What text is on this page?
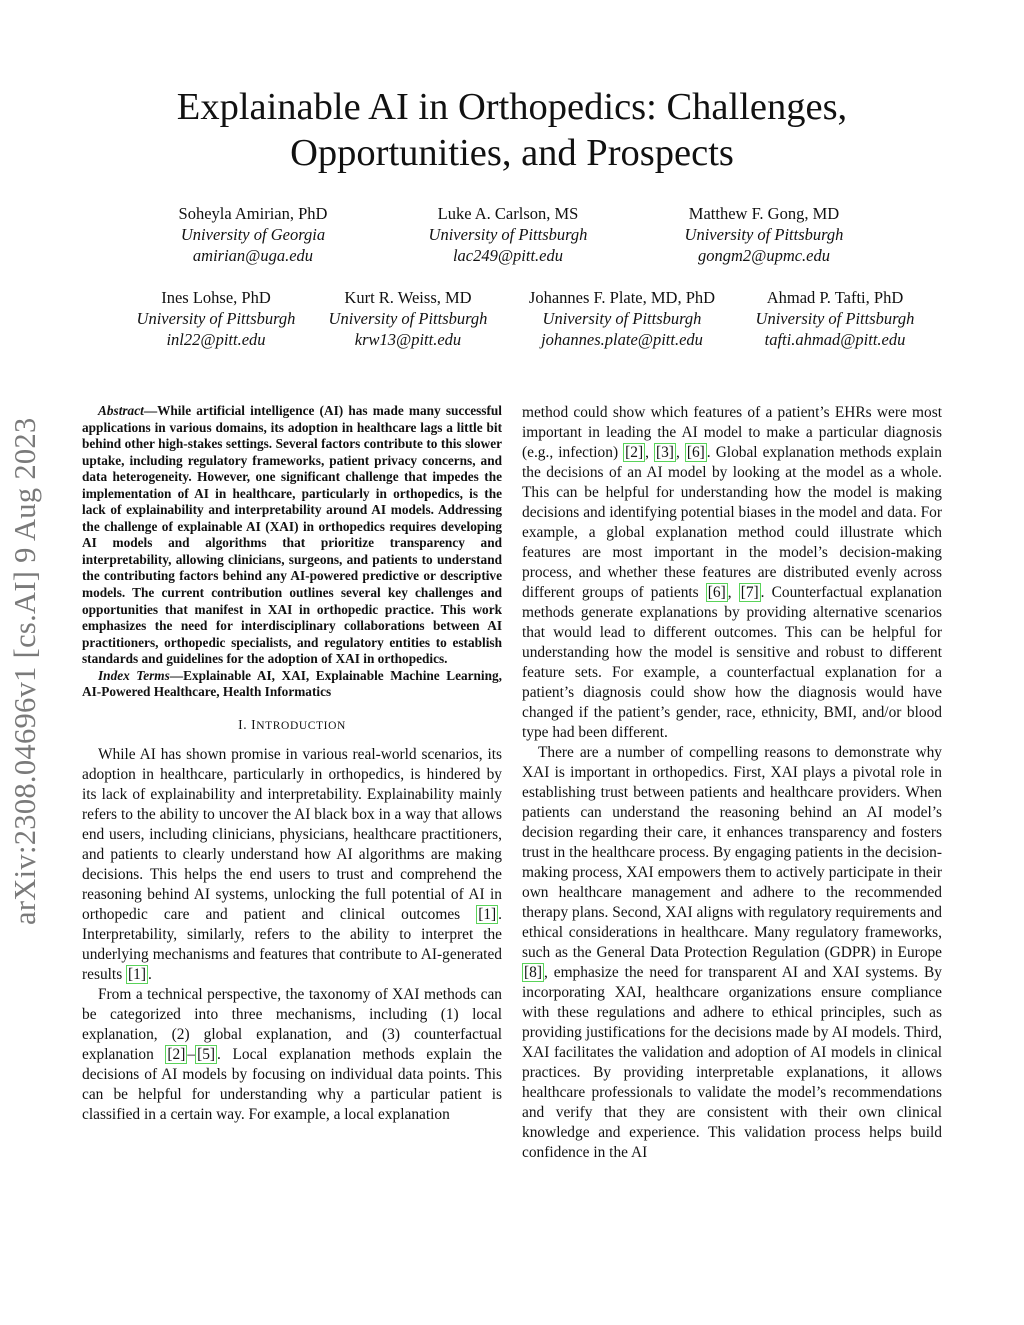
arXiv:2308.04696v1 [cs.AI] 9 Aug 2023
Explainable AI in Orthopedics: Challenges,
Opportunities, and Prospects
Soheyla Amirian, PhD
University of Georgia
amirian@uga.edu
Luke A. Carlson, MS
University of Pittsburgh
lac249@pitt.edu
Matthew F. Gong, MD
University of Pittsburgh
gongm2@upmc.edu
Ines Lohse, PhD
University of Pittsburgh
inl22@pitt.edu
Kurt R. Weiss, MD
University of Pittsburgh
krw13@pitt.edu
Johannes F. Plate, MD, PhD
University of Pittsburgh
johannes.plate@pitt.edu
Ahmad P. Tafti, PhD
University of Pittsburgh
tafti.ahmad@pitt.edu

Abstract—While artificial intelligence (AI) has made many successful applications in various domains, its adoption in healthcare lags a little bit behind other high-stakes settings. Several factors contribute to this slower uptake, including regulatory frameworks, patient privacy concerns, and data heterogeneity. However, one significant challenge that impedes the implementation of AI in healthcare, particularly in orthopedics, is the lack of explainability and interpretability around AI models. Addressing the challenge of explainable AI (XAI) in orthopedics requires developing AI models and algorithms that prioritize transparency and interpretability, allowing clinicians, surgeons, and patients to understand the contributing factors behind any AI-powered predictive or descriptive models. The current contribution outlines several key challenges and opportunities that manifest in XAI in orthopedic practice. This work emphasizes the need for interdisciplinary collaborations between AI practitioners, orthopedic specialists, and regulatory entities to establish standards and guidelines for the adoption of XAI in orthopedics.

Index Terms—Explainable AI, XAI, Explainable Machine Learning, AI-Powered Healthcare, Health Informatics

I. INTRODUCTION

While AI has shown promise in various real-world scenarios, its adoption in healthcare, particularly in orthopedics, is hindered by its lack of explainability and interpretability. Explainability mainly refers to the ability to uncover the AI black box in a way that allows end users, including clinicians, physicians, healthcare practitioners, and patients to clearly understand how AI algorithms are making decisions. This helps the end users to trust and comprehend the reasoning behind AI systems, unlocking the full potential of AI in orthopedic care and patient and clinical outcomes [1] . Interpretability, similarly, refers to the ability to interpret the underlying mechanisms and features that contribute to AI-generated results [1] .

From a technical perspective, the taxonomy of XAI methods can be categorized into three mechanisms, including (1) local explanation, (2) global explanation, and (3) counterfactual explanation [2] – [5] . Local explanation methods explain the decisions of AI models by focusing on individual data points. This can be helpful for understanding why a particular patient is classified in a certain way. For example, a local explanation

method could show which features of a patient’s EHRs were most important in leading the AI model to make a particular diagnosis (e.g., infection) [2] , [3] , [6] . Global explanation methods explain the decisions of an AI model by looking at the model as a whole. This can be helpful for understanding how the model is making decisions and identifying potential biases in the model and data. For example, a global explanation method could illustrate which features are most important in the model’s decision-making process, and whether these features are distributed evenly across different groups of patients [6] , [7] . Counterfactual explanation methods generate explanations by providing alternative scenarios that would lead to different outcomes. This can be helpful for understanding how the model is sensitive and robust to different feature sets. For example, a counterfactual explanation for a patient’s diagnosis could show how the diagnosis would have changed if the patient’s gender, race, ethnicity, BMI, and/or blood type had been different.

There are a number of compelling reasons to demonstrate why XAI is important in orthopedics. First, XAI plays a pivotal role in establishing trust between patients and healthcare providers. When patients can understand the reasoning behind an AI model’s decision regarding their care, it enhances transparency and fosters trust in the healthcare process. By engaging patients in the decision-making process, XAI empowers them to actively participate in their own healthcare management and adhere to the recommended therapy plans. Second, XAI aligns with regulatory requirements and ethical considerations in healthcare. Many regulatory frameworks, such as the General Data Protection Regulation (GDPR) in Europe [8] , emphasize the need for transparent AI and XAI systems. By incorporating XAI, healthcare organizations ensure compliance with these regulations and adhere to ethical principles, such as providing justifications for the decisions made by AI models. Third, XAI facilitates the validation and adoption of AI models in clinical practices. By providing interpretable explanations, it allows healthcare professionals to validate the model’s recommendations and verify that they are consistent with their own clinical knowledge and experience. This validation process helps build confidence in the AI
